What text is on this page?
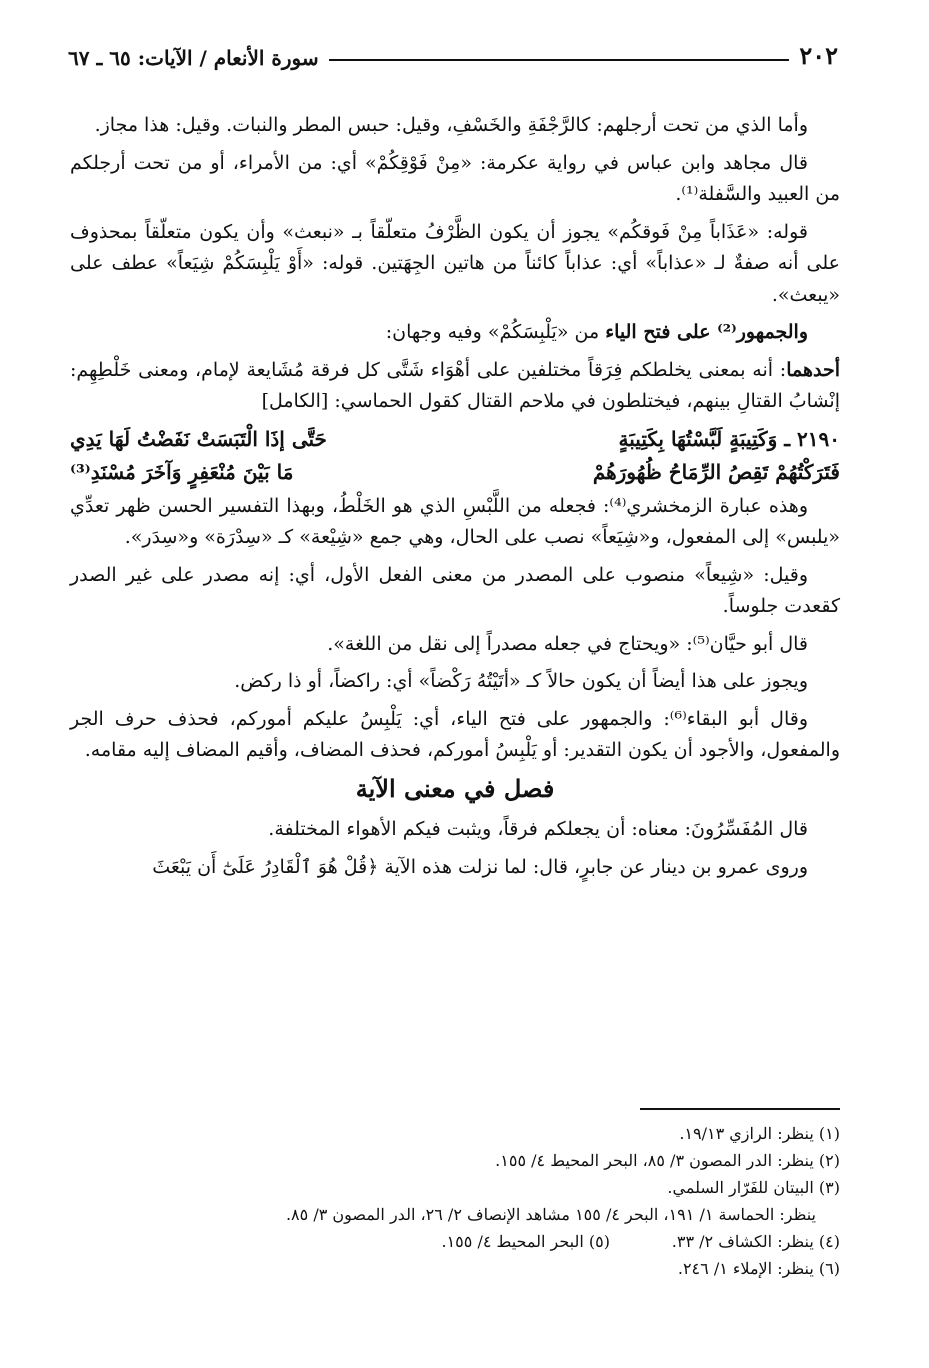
٢٠٢
سورة الأنعام / الآيات: ٦٥ ـ ٦٧

وأما الذي من تحت أرجلهم: كالرَّجْفَةِ والخَسْفِ، وقيل: حبس المطر والنبات. وقيل: هذا مجاز.

قال مجاهد وابن عباس في رواية عكرمة: «مِنْ فَوْقِكُمْ» أي: من الأمراء، أو من تحت أرجلكم من العبيد والسَّفلة⁽¹⁾.

قوله: «عَذَاباً مِنْ فَوقكُم» يجوز أن يكون الظَّرْفُ متعلّقاً بـ «نبعث» وأن يكون متعلّقاً بمحذوف على أنه صفةٌ لـ «عذاباً» أي: عذاباً كائناً من هاتين الجِهَتين. قوله: «أَوْ يَلْبِسَكُمْ شِيَعاً» عطف على «يبعث».

والجمهور⁽²⁾ على فتح الياء من «يَلْبِسَكُمْ» وفيه وجهان:

أحدهما: أنه بمعنى يخلطكم فِرَقاً مختلفين على أهْوَاء شَتَّى كل فرقة مُشَايعة لإمام، ومعنى خَلْطِهِم: إنْشابُ القتالِ بينهم، فيختلطون في ملاحم القتال كقول الحماسي: [الكامل]

٢١٩٠ ـ وَكَتِيبَةٍ لَبَّسْتُهَا بِكَتِيبَةٍ
حَتَّى إذَا الْتَبَسَتْ نَفَضْتُ لَهَا يَدِي
فَتَرَكْتُهُمْ تَقِصُ الرِّمَاحُ ظُهُورَهُمْ
مَا بَيْنَ مُنْعَفِرٍ وَآخَرَ مُسْنَدِ⁽³⁾

وهذه عبارة الزمخشري⁽⁴⁾: فجعله من اللَّبْسِ الذي هو الخَلْطُ، وبهذا التفسير الحسن ظهر تعدِّي «يلبس» إلى المفعول، و«شِيَعاً» نصب على الحال، وهي جمع «شِيْعة» كـ «سِدْرَة» و«سِدَر».

وقيل: «شِيعاً» منصوب على المصدر من معنى الفعل الأول، أي: إنه مصدر على غير الصدر كقعدت جلوساً.

قال أبو حيَّان⁽⁵⁾: «ويحتاج في جعله مصدراً إلى نقل من اللغة».

ويجوز على هذا أيضاً أن يكون حالاً كـ «أتَيْتُهُ رَكْضاً» أي: راكضاً، أو ذا ركض.

وقال أبو البقاء⁽⁶⁾: والجمهور على فتح الياء، أي: يَلْبِسُ عليكم أموركم، فحذف حرف الجر والمفعول، والأجود أن يكون التقدير: أو يَلْبِسُ أموركم، فحذف المضاف، وأقيم المضاف إليه مقامه.

فصل في معنى الآية

قال المُفَسِّرُونَ: معناه: أن يجعلكم فرقاً، ويثبت فيكم الأهواء المختلفة.

وروى عمرو بن دينار عن جابرٍ، قال: لما نزلت هذه الآية ﴿قُلْ هُوَ ٱلْقَادِرُ عَلَىٰٓ أَن يَبْعَثَ

(١) ينظر: الرازي ١٩/١٣.

(٢) ينظر: الدر المصون ٣/ ٨٥، البحر المحيط ٤/ ١٥٥.

(٣) البيتان للفَرّار السلمي.

ينظر: الحماسة ١/ ١٩١، البحر ٤/ ١٥٥ مشاهد الإنصاف ٢/ ٢٦، الدر المصون ٣/ ٨٥.

(٤) ينظر: الكشاف ٢/ ٣٣.
(٥) البحر المحيط ٤/ ١٥٥.

(٦) ينظر: الإملاء ١/ ٢٤٦.
